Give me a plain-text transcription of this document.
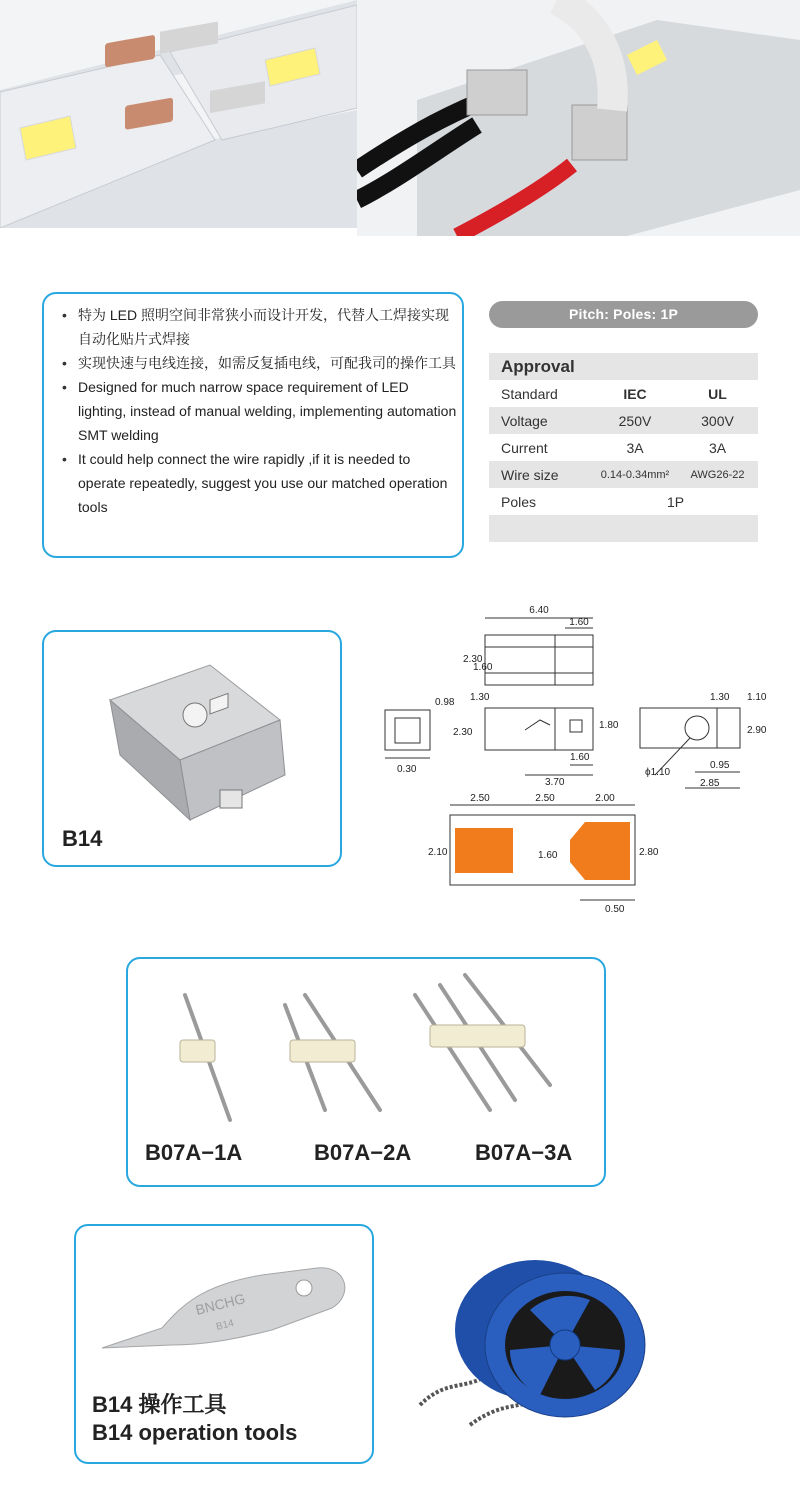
• 特为 LED 照明空间非常狭小而设计开发，代替人工焊接实现自动化贴片式焊接
• 实现快速与电线连接，如需反复插电线，可配我司的操作工具
• Designed for much narrow space requirement of LED lighting, instead of manual welding, implementing automation SMT welding
• It could help connect the wire rapidly ,if it is needed to operate repeatedly, suggest you use our matched operation tools
Pitch: Poles: 1P
Approval		
Standard	IEC	UL
Voltage	250V	300V
Current	3A	3A
Wire size	0.14-0.34mm²	AWG26-22
Poles	1P	

B14
6.40
1.60
2.30
1.60
0.98 1.30
2.30
1.80
0.30
1.60
3.70
1.30 1.10
2.90
ϕ1.10
0.95
2.85
2.50	2.50	2.00
2.10	1.60	2.80
0.50
B07A−1A	B07A−2A	B07A−3A
BNCHG
B14
B14 操作工具
B14 operation tools
